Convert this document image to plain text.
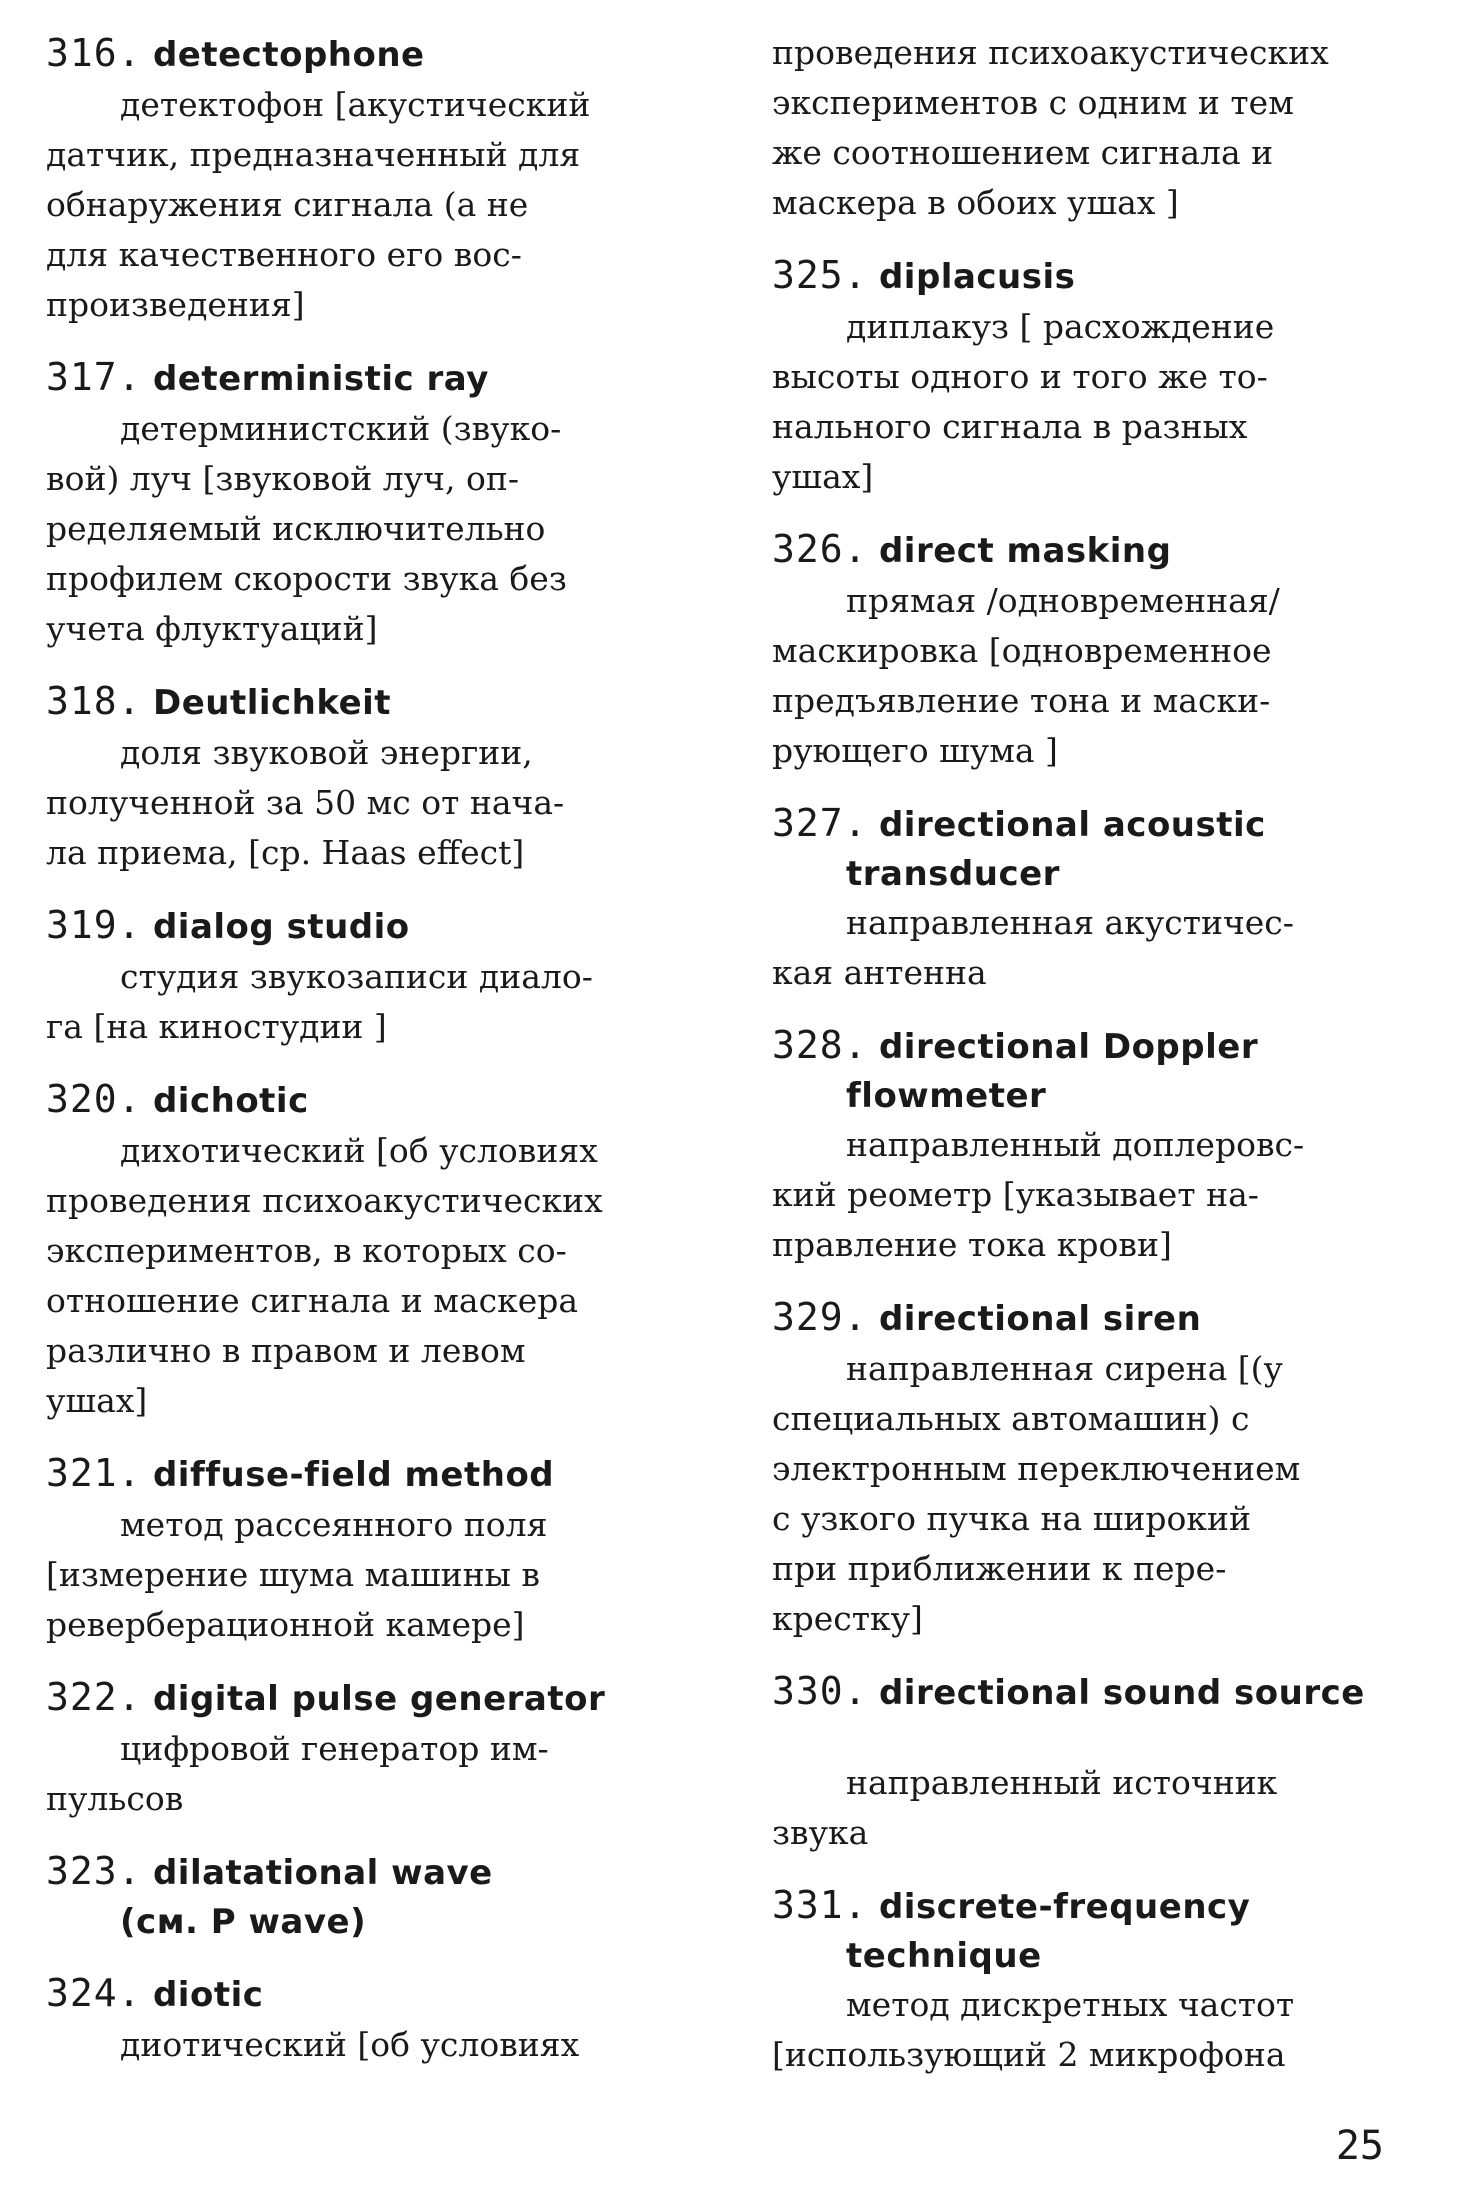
316. detectophone
детектофон [акустический
датчик, предназначенный для
обнаружения сигнала (а не
для качественного его вос-
произведения]
317. deterministic ray
детерминистский (звуко-
вой) луч [звуковой луч, оп-
ределяемый исключительно
профилем скорости звука без
учета флуктуаций]
318. Deutlichkeit
доля звуковой энергии,
полученной за 50 мс от нача-
ла приема, [ср. Haas effect]
319. dialog studio
студия звукозаписи диало-
га [на киностудии ]
320. dichotic
дихотический [об условиях
проведения психоакустических
экспериментов, в которых со-
отношение сигнала и маскера
различно в правом и левом
ушах]
321. diffuse-field method
метод рассеянного поля
[измерение шума машины в
реверберационной камере]
322. digital pulse generator
цифровой генератор им-
пульсов
323. dilatational wave
(см. P wave)
324. diotic
диотический [об условиях
проведения психоакустических
экспериментов с одним и тем
же соотношением сигнала и
маскера в обоих ушах ]
325. diplacusis
диплакуз [ расхождение
высоты одного и того же то-
нального сигнала в разных
ушах]
326. direct masking
прямая /одновременная/
маскировка [одновременное
предъявление тона и маски-
рующего шума ]
327. directional acoustic
transducer
направленная акустичес-
кая антенна
328. directional Doppler
flowmeter
направленный доплеровс-
кий реометр [указывает на-
правление тока крови]
329. directional siren
направленная сирена [(у
специальных автомашин) с
электронным переключением
с узкого пучка на широкий
при приближении к пере-
крестку]
330. directional sound source
направленный источник
звука
331. discrete-frequency
technique
метод дискретных частот
[использующий 2 микрофона
25
